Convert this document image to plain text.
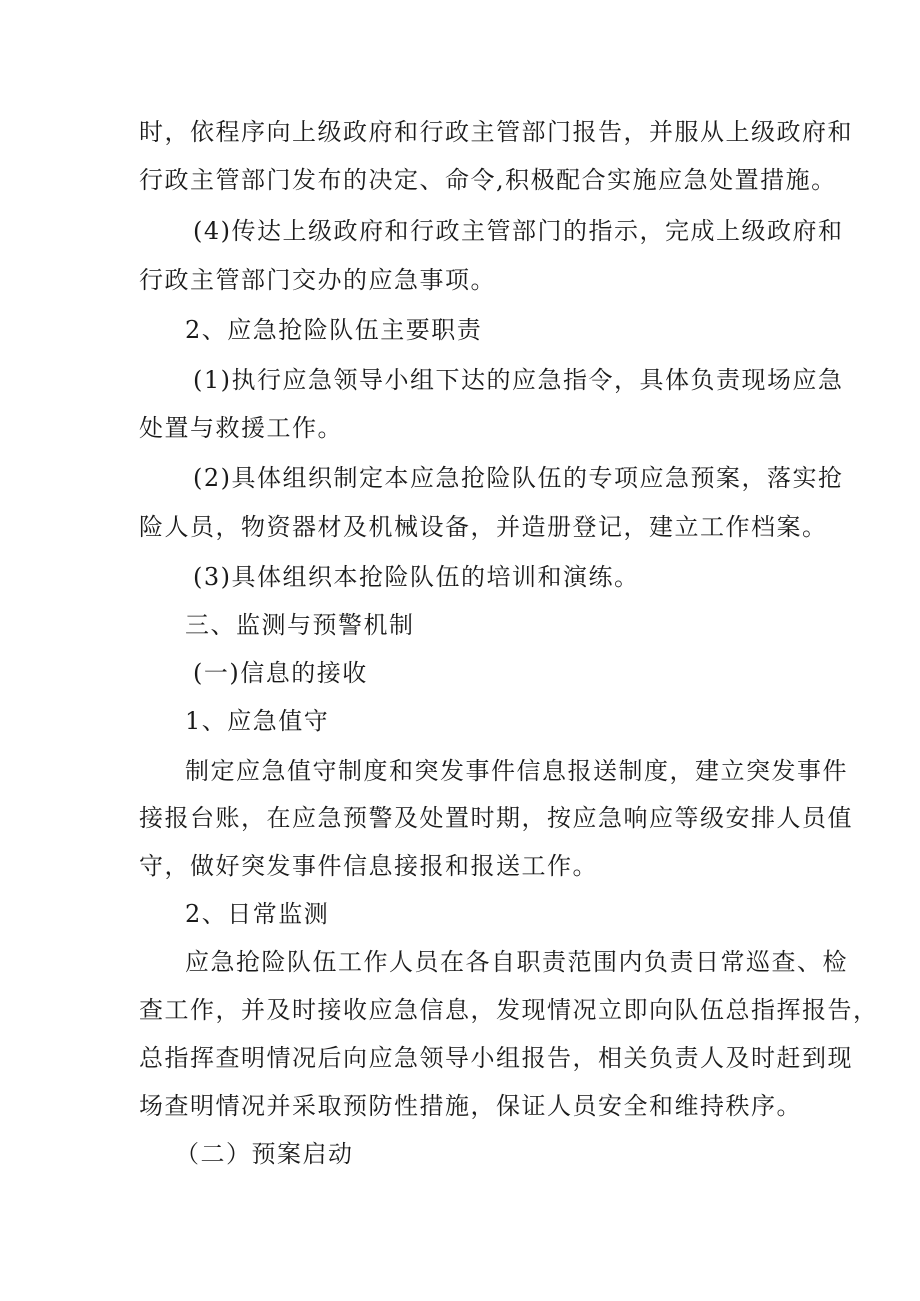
时，依程序向上级政府和行政主管部门报告，并服从上级政府和
行政主管部门发布的决定、命令,积极配合实施应急处置措施。
(4)传达上级政府和行政主管部门的指示，完成上级政府和
行政主管部门交办的应急事项。
2、应急抢险队伍主要职责
(1)执行应急领导小组下达的应急指令，具体负责现场应急
处置与救援工作。
(2)具体组织制定本应急抢险队伍的专项应急预案，落实抢
险人员，物资器材及机械设备，并造册登记，建立工作档案。
(3)具体组织本抢险队伍的培训和演练。
三、监测与预警机制
(一)信息的接收
1、应急值守
制定应急值守制度和突发事件信息报送制度，建立突发事件
接报台账，在应急预警及处置时期，按应急响应等级安排人员值
守，做好突发事件信息接报和报送工作。
2、日常监测
应急抢险队伍工作人员在各自职责范围内负责日常巡查、检
查工作，并及时接收应急信息，发现情况立即向队伍总指挥报告，
总指挥查明情况后向应急领导小组报告，相关负责人及时赶到现
场查明情况并采取预防性措施，保证人员安全和维持秩序。
（二）预案启动
